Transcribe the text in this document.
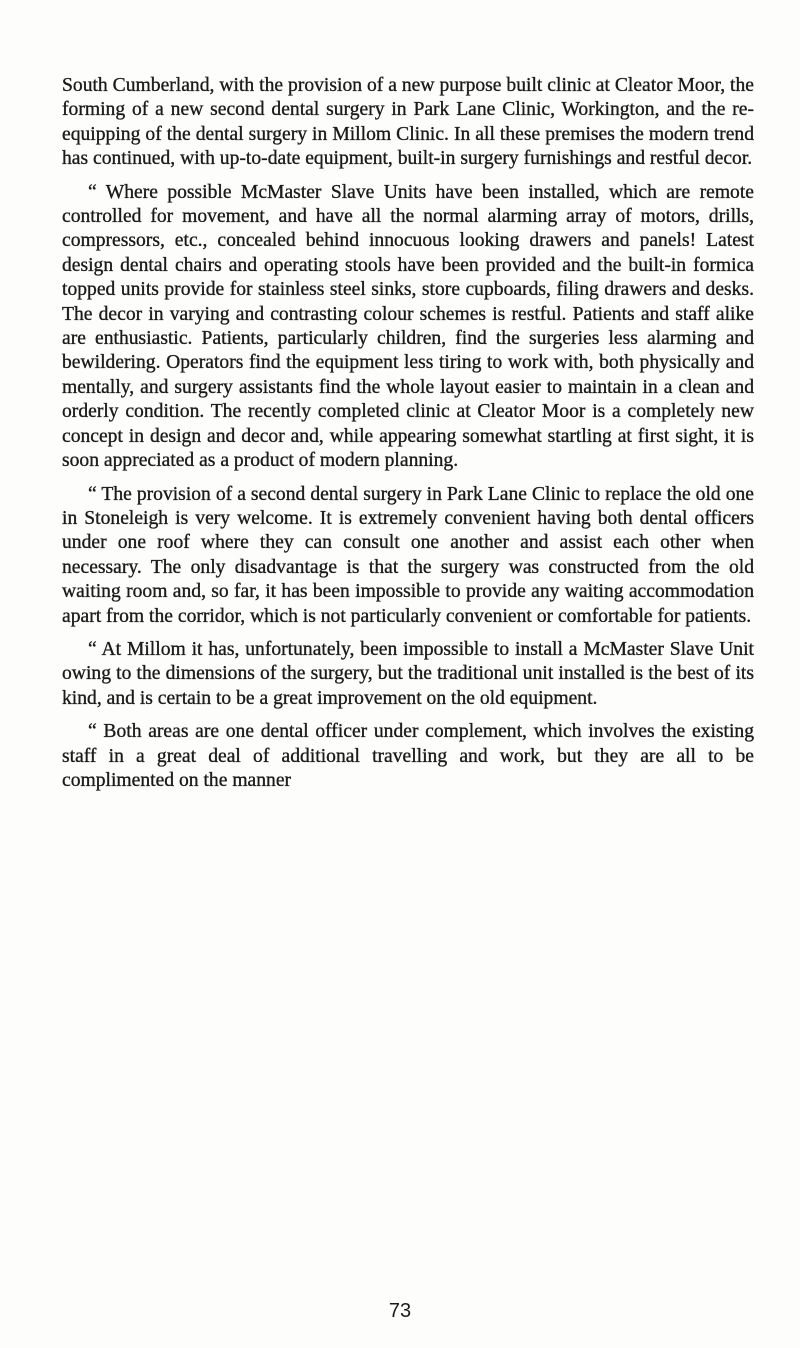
South Cumberland, with the provision of a new purpose built clinic at Cleator Moor, the forming of a new second dental surgery in Park Lane Clinic, Workington, and the re-equipping of the dental surgery in Millom Clinic. In all these premises the modern trend has continued, with up-to-date equipment, built-in surgery furnishings and restful decor.

“ Where possible McMaster Slave Units have been installed, which are remote controlled for movement, and have all the normal alarming array of motors, drills, compressors, etc., concealed behind innocuous looking drawers and panels! Latest design dental chairs and operating stools have been provided and the built-in formica topped units provide for stainless steel sinks, store cupboards, filing drawers and desks. The decor in varying and contrasting colour schemes is restful. Patients and staff alike are enthusiastic. Patients, particularly children, find the surgeries less alarming and bewildering. Operators find the equipment less tiring to work with, both physically and mentally, and surgery assistants find the whole layout easier to maintain in a clean and orderly condition. The recently completed clinic at Cleator Moor is a completely new concept in design and decor and, while appearing somewhat startling at first sight, it is soon appreciated as a product of modern planning.

“ The provision of a second dental surgery in Park Lane Clinic to replace the old one in Stoneleigh is very welcome. It is extremely convenient having both dental officers under one roof where they can consult one another and assist each other when necessary. The only disadvantage is that the surgery was constructed from the old waiting room and, so far, it has been impossible to provide any waiting accommodation apart from the corridor, which is not particularly convenient or comfortable for patients.

“ At Millom it has, unfortunately, been impossible to install a McMaster Slave Unit owing to the dimensions of the surgery, but the traditional unit installed is the best of its kind, and is certain to be a great improvement on the old equipment.

“ Both areas are one dental officer under complement, which involves the existing staff in a great deal of additional travelling and work, but they are all to be complimented on the manner

73
